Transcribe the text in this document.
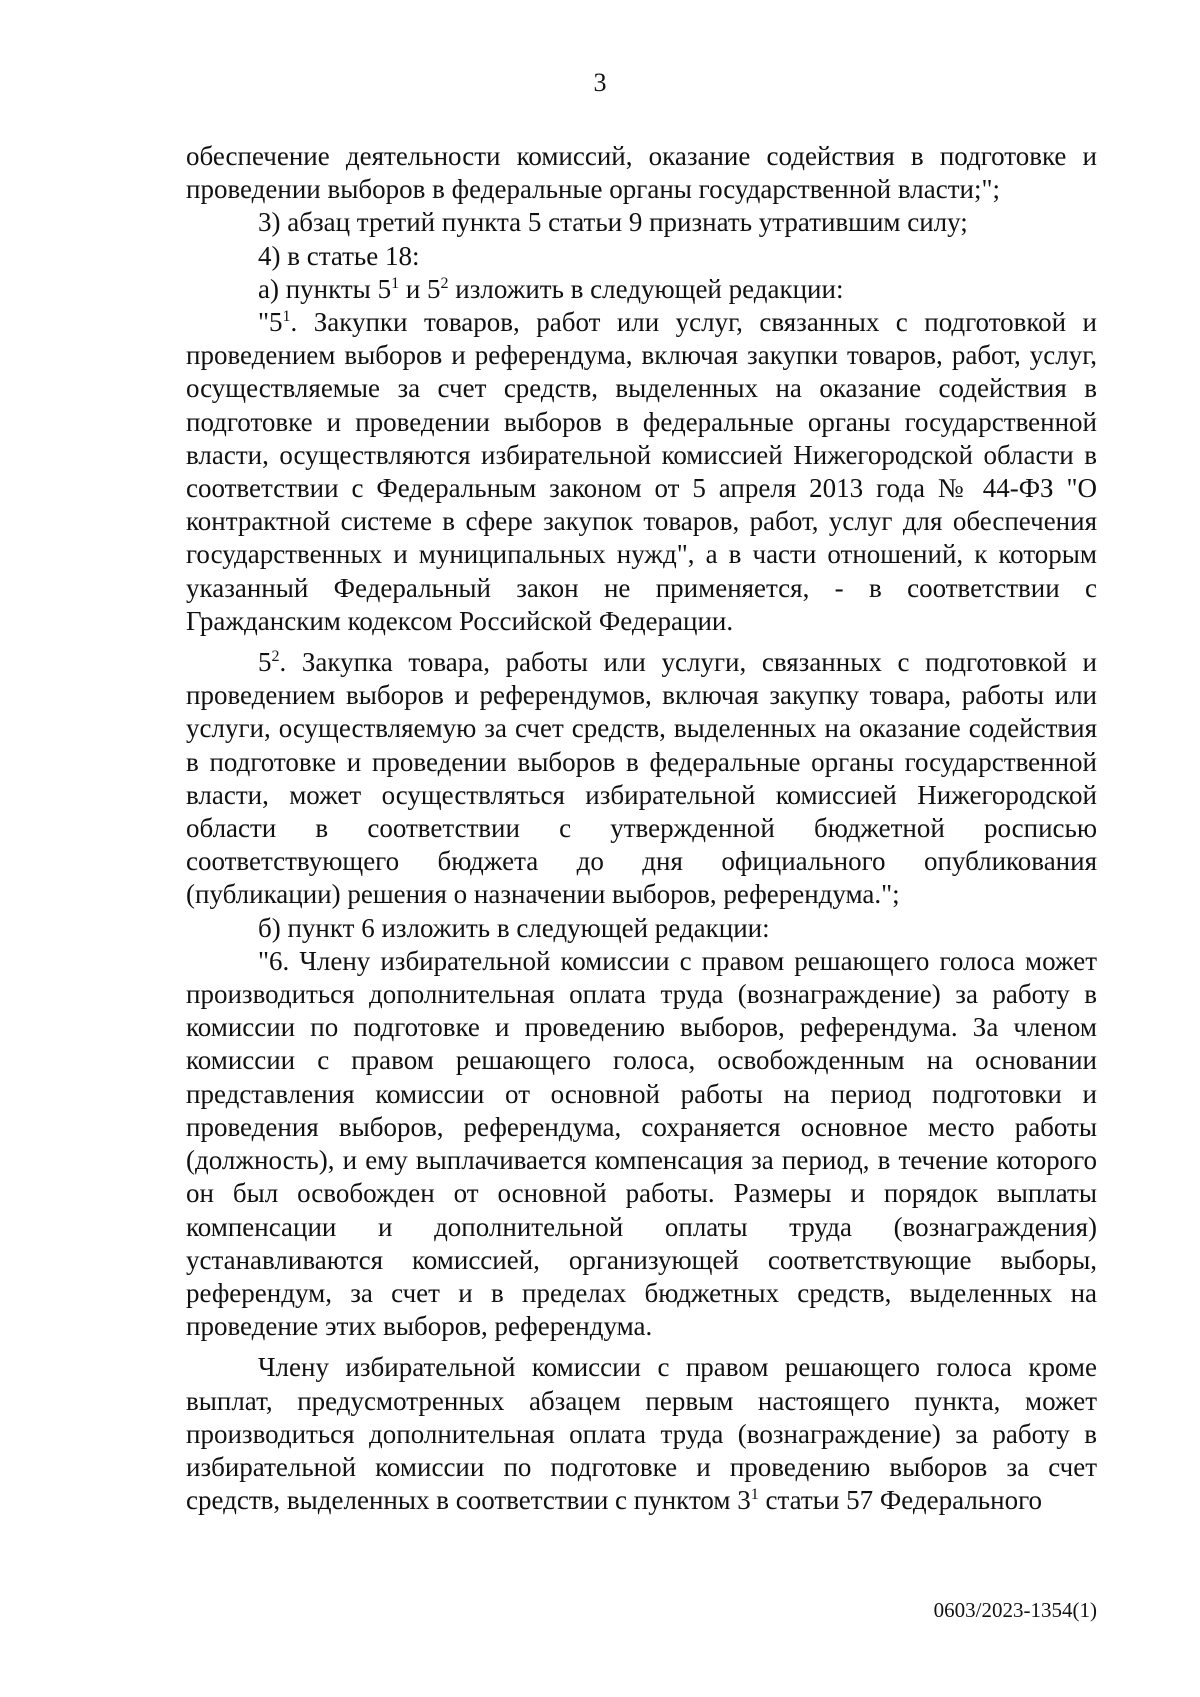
3

обеспечение деятельности комиссий, оказание содействия в подготовке и проведении выборов в федеральные органы государственной власти;";

3) абзац третий пункта 5 статьи 9 признать утратившим силу;

4) в статье 18:

а) пункты $5^1$ и $5^2$ изложить в следующей редакции:

"$5^1$. Закупки товаров, работ или услуг, связанных с подготовкой и проведением выборов и референдума, включая закупки товаров, работ, услуг, осуществляемые за счет средств, выделенных на оказание содействия в подготовке и проведении выборов в федеральные органы государственной власти, осуществляются избирательной комиссией Нижегородской области в соответствии с Федеральным законом от 5 апреля 2013 года № 44-ФЗ "О контрактной системе в сфере закупок товаров, работ, услуг для обеспечения государственных и муниципальных нужд", а в части отношений, к которым указанный Федеральный закон не применяется, - в соответствии с Гражданским кодексом Российской Федерации.

$5^2$. Закупка товара, работы или услуги, связанных с подготовкой и проведением выборов и референдумов, включая закупку товара, работы или услуги, осуществляемую за счет средств, выделенных на оказание содействия в подготовке и проведении выборов в федеральные органы государственной власти, может осуществляться избирательной комиссией Нижегородской области в соответствии с утвержденной бюджетной росписью соответствующего бюджета до дня официального опубликования (публикации) решения о назначении выборов, референдума.";

б) пункт 6 изложить в следующей редакции:

"6. Члену избирательной комиссии с правом решающего голоса может производиться дополнительная оплата труда (вознаграждение) за работу в комиссии по подготовке и проведению выборов, референдума. За членом комиссии с правом решающего голоса, освобожденным на основании представления комиссии от основной работы на период подготовки и проведения выборов, референдума, сохраняется основное место работы (должность), и ему выплачивается компенсация за период, в течение которого он был освобожден от основной работы. Размеры и порядок выплаты компенсации и дополнительной оплаты труда (вознаграждения) устанавливаются комиссией, организующей соответствующие выборы, референдум, за счет и в пределах бюджетных средств, выделенных на проведение этих выборов, референдума.

Члену избирательной комиссии с правом решающего голоса кроме выплат, предусмотренных абзацем первым настоящего пункта, может производиться дополнительная оплата труда (вознаграждение) за работу в избирательной комиссии по подготовке и проведению выборов за счет средств, выделенных в соответствии с пунктом $3^1$ статьи 57 Федерального

0603/2023-1354(1)
